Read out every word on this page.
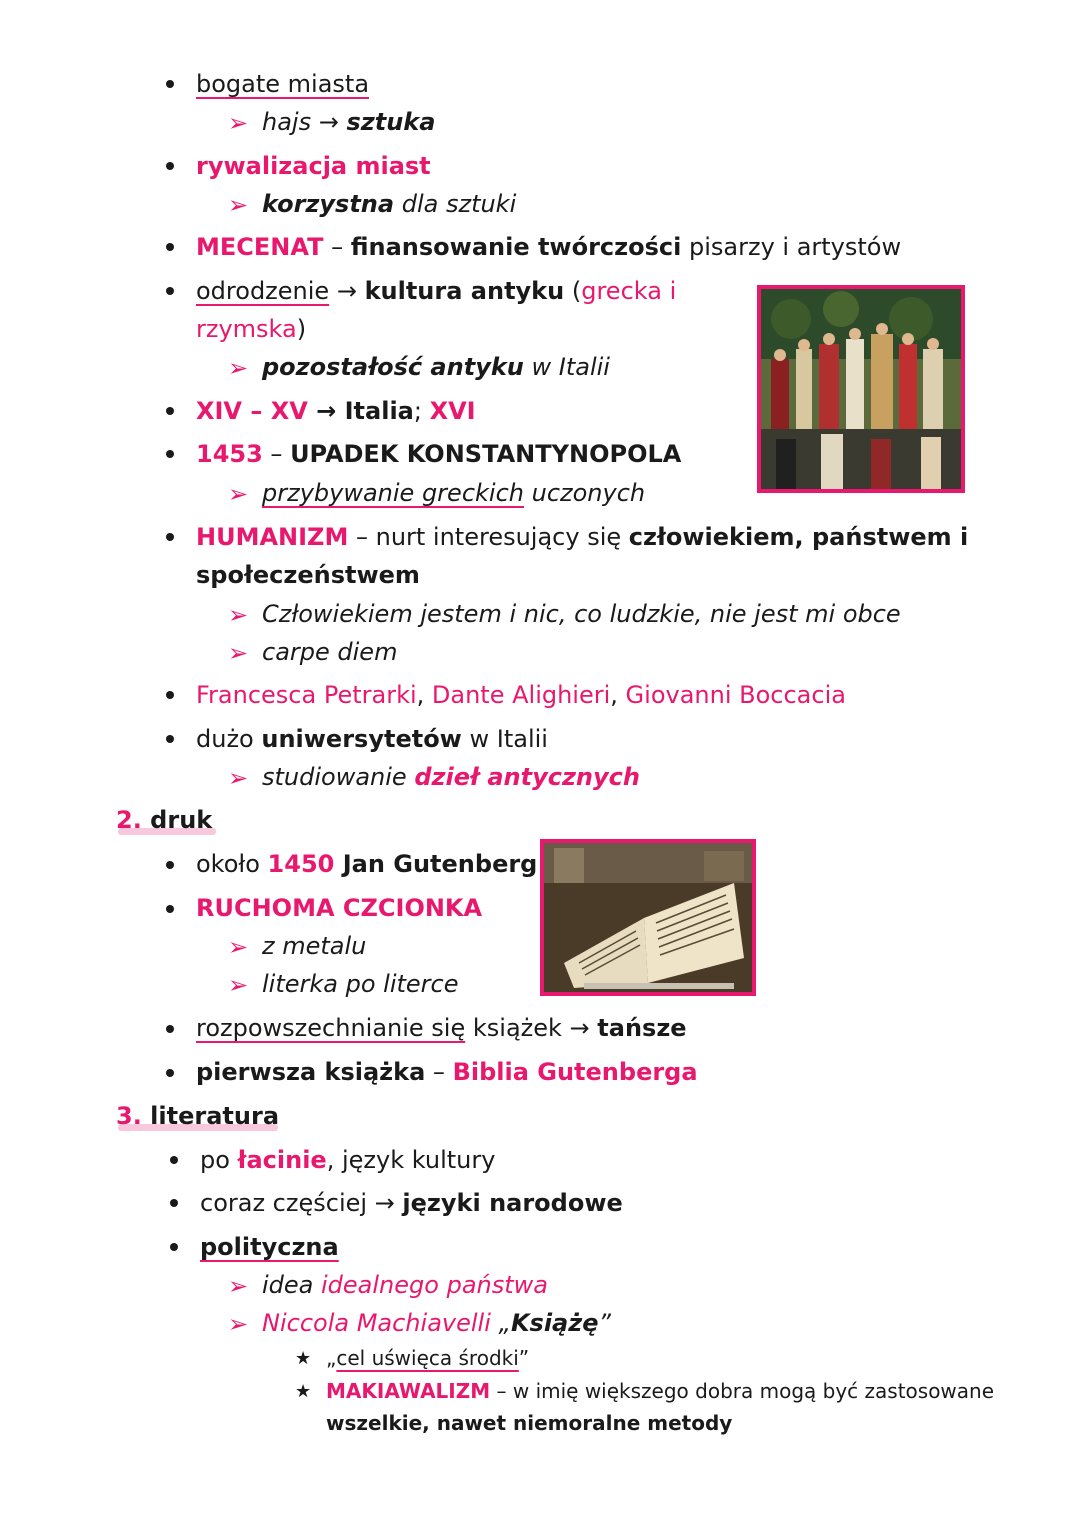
bogate miasta
➢ hajs → sztuka
rywalizacja miast
➢ korzystna dla sztuki
MECENAT – finansowanie twórczości pisarzy i artystów
odrodzenie → kultura antyku (grecka i
rzymska)
➢ pozostałość antyku w Italii
XIV – XV → Italia; XVI
1453 – UPADEK KONSTANTYNOPOLA
➢ przybywanie greckich uczonych
HUMANIZM – nurt interesujący się człowiekiem, państwem i
społeczeństwem
➢ Człowiekiem jestem i nic, co ludzkie, nie jest mi obce
➢ carpe diem
Francesca Petrarki, Dante Alighieri, Giovanni Boccacia
dużo uniwersytetów w Italii
➢ studiowanie dzieł antycznych
2. druk
około 1450 Jan Gutenberg
RUCHOMA CZCIONKA
➢ z metalu
➢ literka po literce
rozpowszechnianie się książek → tańsze
pierwsza książka – Biblia Gutenberga
3. literatura
po łacinie, język kultury
coraz częściej → języki narodowe
polityczna
➢ idea idealnego państwa
➢ Niccola Machiavelli „Książę”
★ „cel uświęca środki”
★ MAKIAWALIZM – w imię większego dobra mogą być zastosowane
wszelkie, nawet niemoralne metody
